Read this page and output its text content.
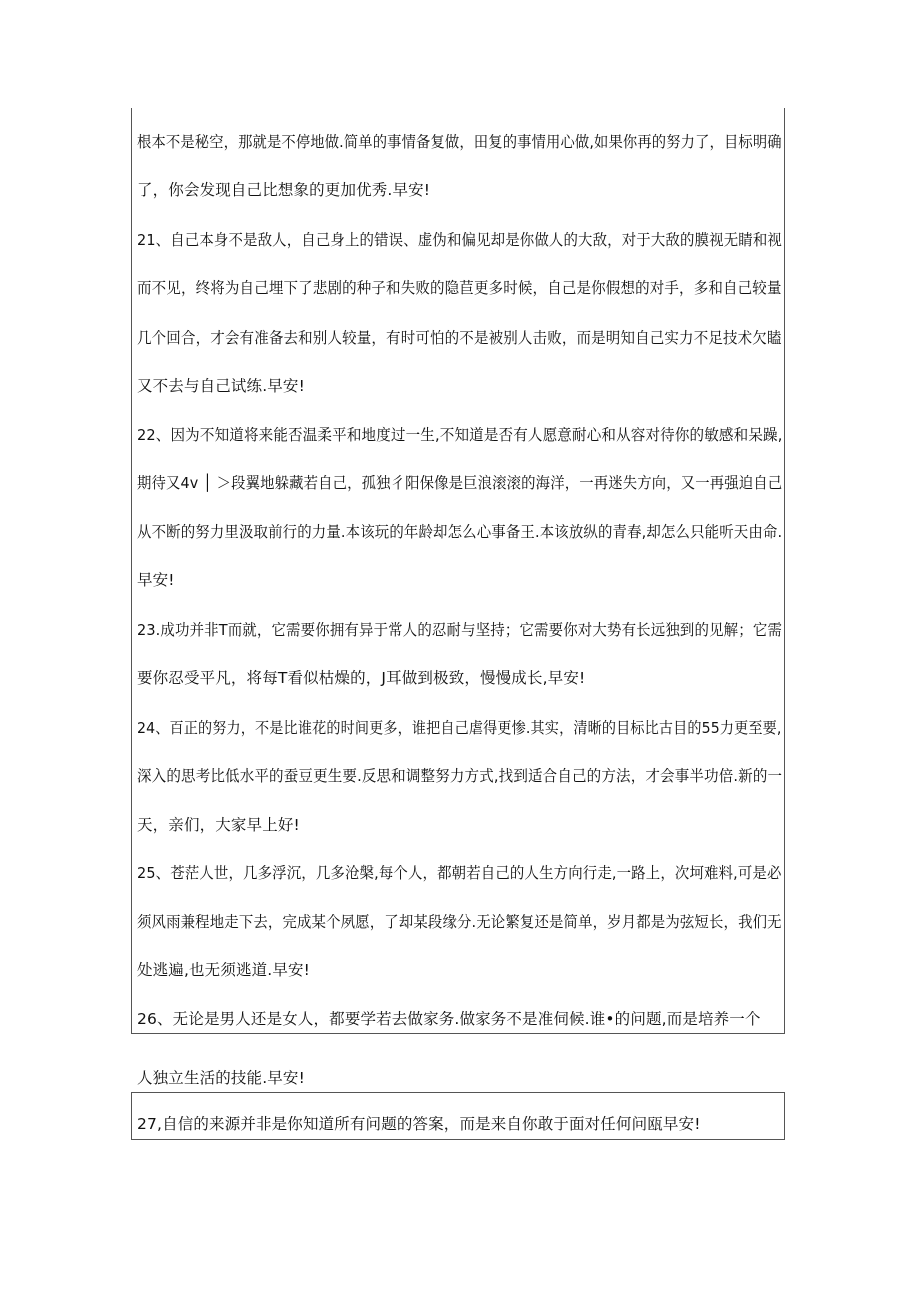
根本不是秘空，那就是不停地做.简单的事情备复做，田复的事情用心做,如果你再的努力了，目标明确
了，你会发现自己比想象的更加优秀.早安!
21、自己本身不是敌人，自己身上的错误、虚伪和偏见却是你做人的大敌，对于大敌的膜视无睛和视
而不见，终将为自己埋下了悲剧的种子和失败的隐苣更多时候，自己是你假想的对手，多和自己较量
几个回合，才会有准备去和别人较量，有时可怕的不是被别人击败，而是明知自己实力不足技术欠瞌
又不去与自己试练.早安!
22、因为不知道将来能否温柔平和地度过一生,不知道是否有人愿意耐心和从容对待你的敏感和呆躁,
期待又4v │ ＞段翼地躲藏若自己，孤独彳阳保像是巨浪滚滚的海洋，一再迷失方向，又一再强迫自己
从不断的努力里汲取前行的力量.本该玩的年龄却怎么心事备王.本该放纵的青春,却怎么只能听天由命.
早安!
23.成功并非T而就，它需要你拥有异于常人的忍耐与坚持；它需要你对大势有长远独到的见解；它需
要你忍受平凡，将每T看似枯燥的，J耳做到极致，慢慢成长,早安!
24、百正的努力，不是比谁花的时间更多，谁把自己虐得更惨.其实，清晰的目标比古目的55力更至要,
深入的思考比低水平的蚕豆更生要.反思和调整努力方式,找到适合自己的方法，才会事半功倍.新的一
天，亲们，大家早上好!
25、苍茫人世，几多浮沉，几多沧槃,每个人，都朝若自己的人生方向行走,一路上，次坷难料,可是必
须风雨兼程地走下去，完成某个夙愿，了却某段缘分.无论繁复还是简单，岁月都是为弦短长，我们无
处逃遍,也无须逃道.早安!
26、无论是男人还是女人，都要学若去做家务.做家务不是准伺候.谁•的问题,而是培养一个
人独立生活的技能.早安!
27,自信的来源并非是你知道所有问题的答案，而是来自你敢于面对任何问瓯早安!
